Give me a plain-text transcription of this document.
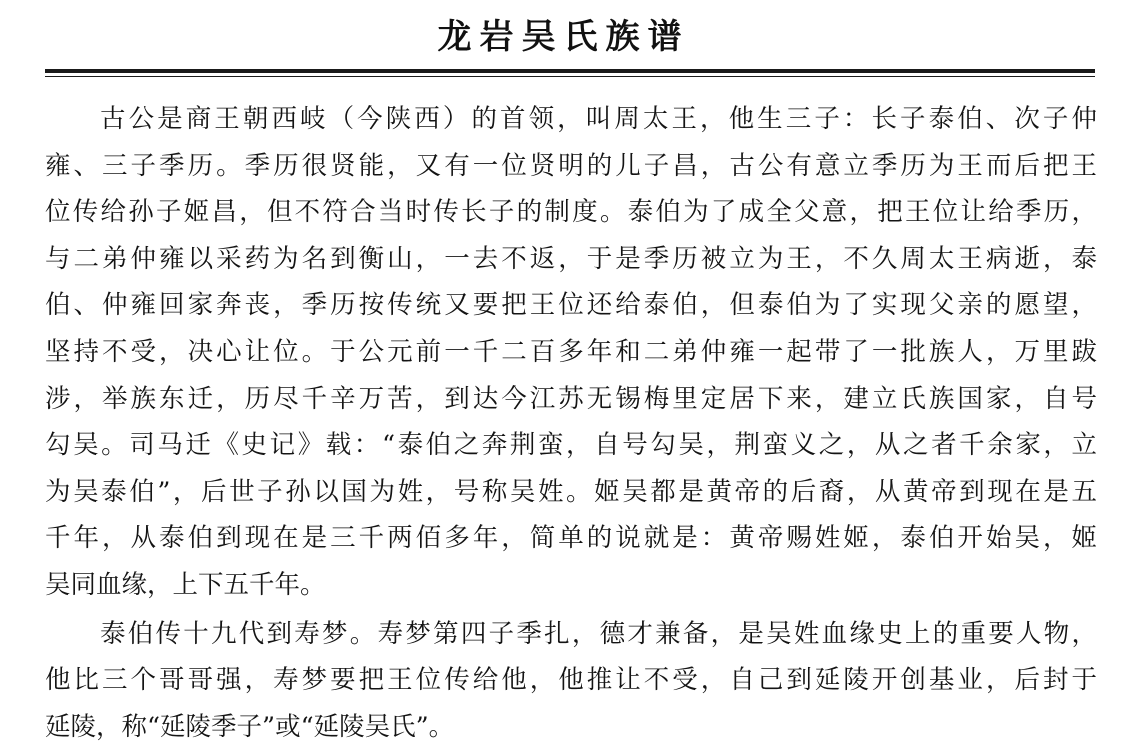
龙岩吴氏族谱
古公是商王朝西岐（今陕西）的首领，叫周太王，他生三子：长子泰伯、次子仲
雍、三子季历。季历很贤能，又有一位贤明的儿子昌，古公有意立季历为王而后把王
位传给孙子姬昌，但不符合当时传长子的制度。泰伯为了成全父意，把王位让给季历，
与二弟仲雍以采药为名到衡山，一去不返，于是季历被立为王，不久周太王病逝，泰
伯、仲雍回家奔丧，季历按传统又要把王位还给泰伯，但泰伯为了实现父亲的愿望，
坚持不受，决心让位。于公元前一千二百多年和二弟仲雍一起带了一批族人，万里跋
涉，举族东迁，历尽千辛万苦，到达今江苏无锡梅里定居下来，建立氏族国家，自号
勾吴。司马迁《史记》载：“泰伯之奔荆蛮，自号勾吴，荆蛮义之，从之者千余家，立
为吴泰伯”，后世子孙以国为姓，号称吴姓。姬吴都是黄帝的后裔，从黄帝到现在是五
千年，从泰伯到现在是三千两佰多年，简单的说就是：黄帝赐姓姬，泰伯开始吴，姬
吴同血缘，上下五千年。
泰伯传十九代到寿梦。寿梦第四子季扎，德才兼备，是吴姓血缘史上的重要人物，
他比三个哥哥强，寿梦要把王位传给他，他推让不受，自己到延陵开创基业，后封于
延陵，称“延陵季子”或“延陵吴氏”。
